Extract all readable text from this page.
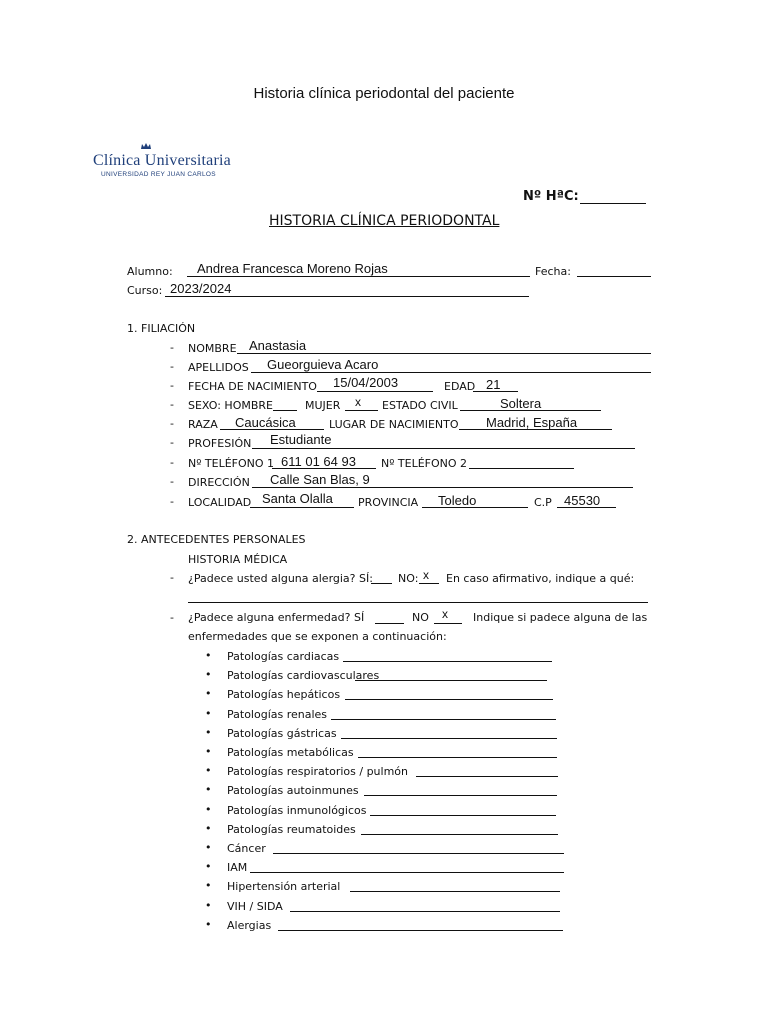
Historia clínica periodontal del paciente
Clínica Universitaria
UNIVERSIDAD REY JUAN CARLOS
Nº HªC:
HISTORIA CLÍNICA PERIODONTAL
Alumno: Andrea Francesca Moreno Rojas	Fecha:
Curso: 2023/2024
1. FILIACIÓN
- NOMBRE Anastasia
- APELLIDOS Gueorguieva Acaro
- FECHA DE NACIMIENTO 15/04/2003	EDAD 21
- SEXO: HOMBRE	MUJER x ESTADO CIVIL	Soltera
- RAZA Caucásica	LUGAR DE NACIMIENTO Madrid, España
- PROFESIÓN Estudiante
- Nº TELÉFONO 1 611 01 64 93 Nº TELÉFONO 2
- DIRECCIÓN Calle San Blas, 9
- LOCALIDAD Santa Olalla PROVINCIA Toledo	C.P 45530
2. ANTECEDENTES PERSONALES
HISTORIA MÉDICA
- ¿Padece usted alguna alergia? SÍ: NO: x En caso afirmativo, indique a qué:
- ¿Padece alguna enfermedad? SÍ	NO x Indique si padece alguna de las
enfermedades que se exponen a continuación:
• Patologías cardiacas
• Patologías cardiovasculares
• Patologías hepáticos
• Patologías renales
• Patologías gástricas
• Patologías metabólicas
• Patologías respiratorios / pulmón
• Patologías autoinmunes
• Patologías inmunológicos
• Patologías reumatoides
• Cáncer
• IAM
• Hipertensión arterial
• VIH / SIDA
• Alergias
